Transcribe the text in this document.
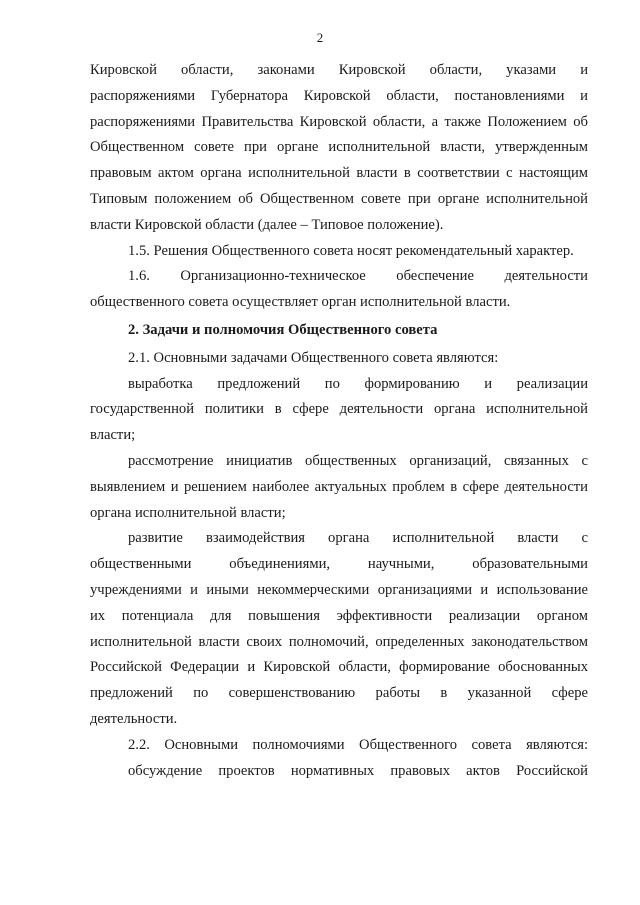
2
Кировской области, законами Кировской области, указами и
распоряжениями Губернатора Кировской области, постановлениями и
распоряжениями Правительства Кировской области, а также Положением об
Общественном совете при органе исполнительной власти, утвержденным
правовым актом органа исполнительной власти в соответствии с настоящим
Типовым положением об Общественном совете при органе исполнительной
власти Кировской области (далее – Типовое положение).
1.5. Решения Общественного совета носят рекомендательный характер.
1.6. Организационно-техническое обеспечение деятельности
общественного совета осуществляет орган исполнительной власти.
2. Задачи и полномочия Общественного совета
2.1. Основными задачами Общественного совета являются:
выработка предложений по формированию и реализации
государственной политики в сфере деятельности органа исполнительной
власти;
рассмотрение инициатив общественных организаций, связанных с
выявлением и решением наиболее актуальных проблем в сфере деятельности
органа исполнительной власти;
развитие взаимодействия органа исполнительной власти с
общественными объединениями, научными, образовательными
учреждениями и иными некоммерческими организациями и использование
их потенциала для повышения эффективности реализации органом
исполнительной власти своих полномочий, определенных законодательством
Российской Федерации и Кировской области, формирование обоснованных
предложений по совершенствованию работы в указанной сфере
деятельности.
2.2. Основными полномочиями Общественного совета являются:
обсуждение проектов нормативных правовых актов Российской
